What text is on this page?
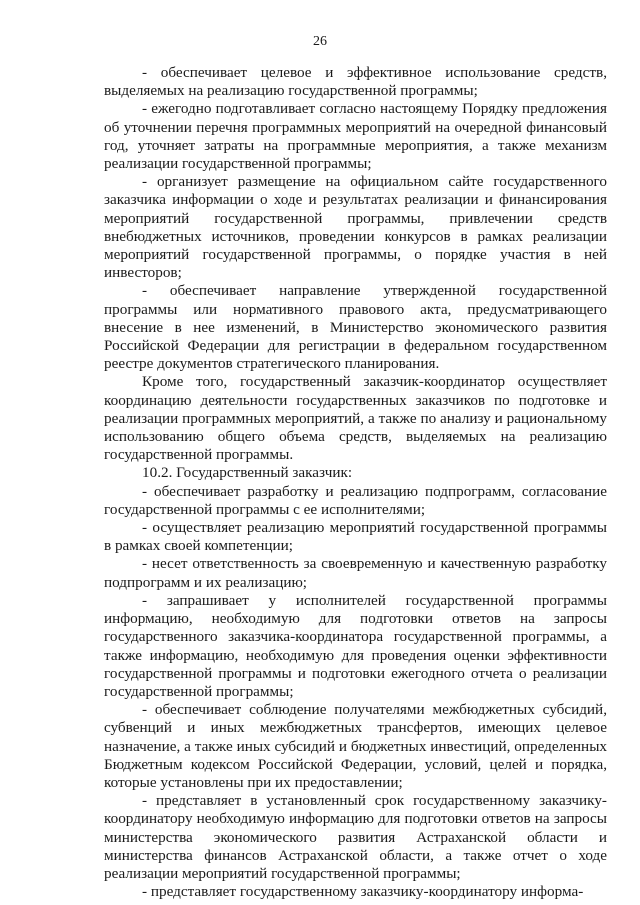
26

- обеспечивает целевое и эффективное использование средств, выделяемых на реализацию государственной программы;

- ежегодно подготавливает согласно настоящему Порядку предложения об уточнении перечня программных мероприятий на очередной финансовый год, уточняет затраты на программные мероприятия, а также механизм реализации государственной программы;

- организует размещение на официальном сайте государственного заказчика информации о ходе и результатах реализации и финансирования мероприятий государственной программы, привлечении средств внебюджетных источников, проведении конкурсов в рамках реализации мероприятий государственной программы, о порядке участия в ней инвесторов;

- обеспечивает направление утвержденной государственной программы или нормативного правового акта, предусматривающего внесение в нее изменений, в Министерство экономического развития Российской Федерации для регистрации в федеральном государственном реестре документов стратегического планирования.

Кроме того, государственный заказчик-координатор осуществляет координацию деятельности государственных заказчиков по подготовке и реализации программных мероприятий, а также по анализу и рациональному использованию общего объема средств, выделяемых на реализацию государственной программы.

10.2. Государственный заказчик:

- обеспечивает разработку и реализацию подпрограмм, согласование государственной программы с ее исполнителями;

- осуществляет реализацию мероприятий государственной программы в рамках своей компетенции;

- несет ответственность за своевременную и качественную разработку подпрограмм и их реализацию;

- запрашивает у исполнителей государственной программы информацию, необходимую для подготовки ответов на запросы государственного заказчика-координатора государственной программы, а также информацию, необходимую для проведения оценки эффективности государственной программы и подготовки ежегодного отчета о реализации государственной программы;

- обеспечивает соблюдение получателями межбюджетных субсидий, субвенций и иных межбюджетных трансфертов, имеющих целевое назначение, а также иных субсидий и бюджетных инвестиций, определенных Бюджетным кодексом Российской Федерации, условий, целей и порядка, которые установлены при их предоставлении;

- представляет в установленный срок государственному заказчику-координатору необходимую информацию для подготовки ответов на запросы министерства экономического развития Астраханской области и министерства финансов Астраханской области, а также отчет о ходе реализации мероприятий государственной программы;

- представляет государственному заказчику-координатору информа-
